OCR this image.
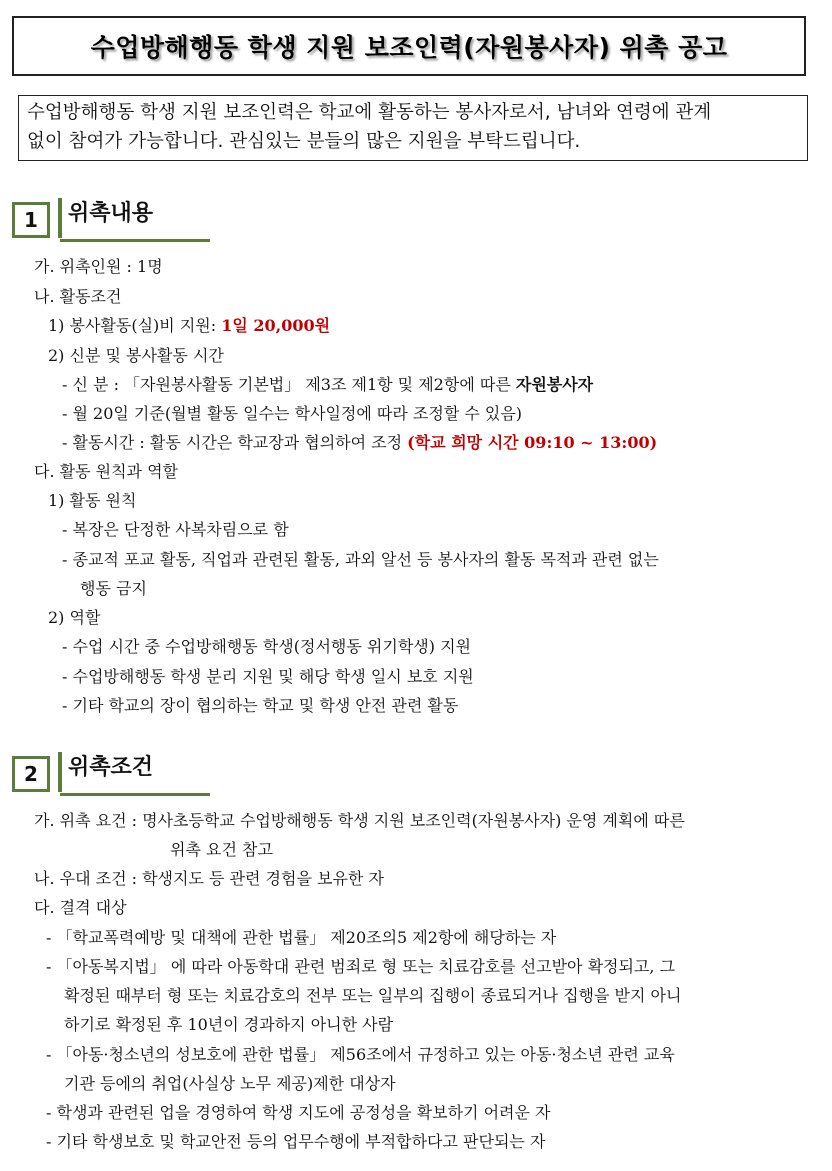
수업방해행동 학생 지원 보조인력(자원봉사자) 위촉 공고
수업방해행동 학생 지원 보조인력은 학교에 활동하는 봉사자로서, 남녀와 연령에 관계
없이 참여가 가능합니다. 관심있는 분들의 많은 지원을 부탁드립니다.
1	위촉내용
가. 위촉인원 : 1명
나. 활동조건
1) 봉사활동(실)비 지원: 1일 20,000원
2) 신분 및 봉사활동 시간
- 신 분 : 「자원봉사활동 기본법」 제3조 제1항 및 제2항에 따른 자원봉사자
- 월 20일 기준(월별 활동 일수는 학사일정에 따라 조정할 수 있음)
- 활동시간 : 활동 시간은 학교장과 협의하여 조정 (학교 희망 시간 09:10 ~ 13:00)
다. 활동 원칙과 역할
1) 활동 원칙
- 복장은 단정한 사복차림으로 함
- 종교적 포교 활동, 직업과 관련된 활동, 과외 알선 등 봉사자의 활동 목적과 관련 없는
행동 금지
2) 역할
- 수업 시간 중 수업방해행동 학생(정서행동 위기학생) 지원
- 수업방해행동 학생 분리 지원 및 해당 학생 일시 보호 지원
- 기타 학교의 장이 협의하는 학교 및 학생 안전 관련 활동
2	위촉조건
가. 위촉 요건 : 명사초등학교 수업방해행동 학생 지원 보조인력(자원봉사자) 운영 계획에 따른
위촉 요건 참고
나. 우대 조건 : 학생지도 등 관련 경험을 보유한 자
다. 결격 대상
- 「학교폭력예방 및 대책에 관한 법률」 제20조의5 제2항에 해당하는 자
- 「아동복지법」 에 따라 아동학대 관련 범죄로 형 또는 치료감호를 선고받아 확정되고, 그
확정된 때부터 형 또는 치료감호의 전부 또는 일부의 집행이 종료되거나 집행을 받지 아니
하기로 확정된 후 10년이 경과하지 아니한 사람
- 「아동·청소년의 성보호에 관한 법률」 제56조에서 규정하고 있는 아동·청소년 관련 교육
기관 등에의 취업(사실상 노무 제공)제한 대상자
- 학생과 관련된 업을 경영하여 학생 지도에 공정성을 확보하기 어려운 자
- 기타 학생보호 및 학교안전 등의 업무수행에 부적합하다고 판단되는 자
